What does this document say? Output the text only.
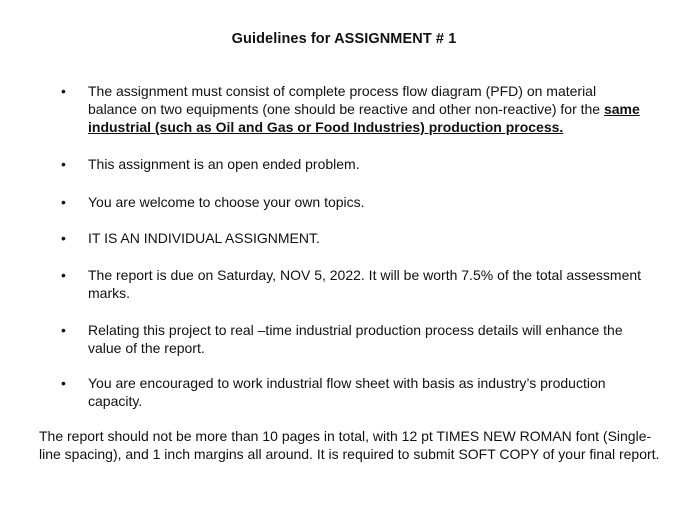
Guidelines for ASSIGNMENT # 1
• The assignment must consist of complete process flow diagram (PFD) on material balance on two equipments (one should be reactive and other non-reactive) for the same industrial (such as Oil and Gas or Food Industries) production process.
• This assignment is an open ended problem.
• You are welcome to choose your own topics.
• IT IS AN INDIVIDUAL ASSIGNMENT.
• The report is due on Saturday, NOV 5, 2022. It will be worth 7.5% of the total assessment marks.
• Relating this project to real –time industrial production process details will enhance the value of the report.
• You are encouraged to work industrial flow sheet with basis as industry’s production capacity.
The report should not be more than 10 pages in total, with 12 pt TIMES NEW ROMAN font (Single-line spacing), and 1 inch margins all around. It is required to submit SOFT COPY of your final report.
